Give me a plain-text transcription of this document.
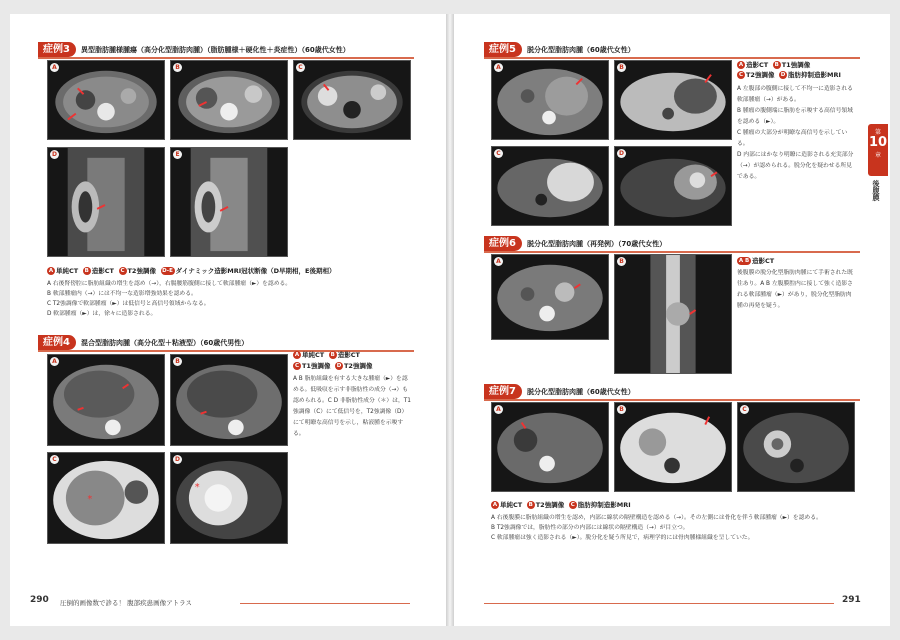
症例3	異型脂肪腫様腫瘍（高分化型脂肪肉腫）（脂肪腫様＋硬化性＋炎症性）（60歳代女性）
A	B	C
D	E
A 単純CT B 造影CT C T2強調像 D-E ダイナミック造影MRI冠状断像（D早期相，E後期相）

A 右後腎傍腔に脂肪組織の増生を認め（→），右腸腰筋腹側に接して軟部腫瘤（►）を認める。

B 軟部腫瘤内（→）には不均一な造影増強効果を認める。

C T2強調像で軟部腫瘤（►）は低信号と高信号領域からなる。

D 軟部腫瘤（►）は，徐々に造影される。

症例4	混合型脂肪肉腫（高分化型＋粘液型）（60歳代男性）
A	B
C
*
D
*
A 単純CT B 造影CT
C T1強調像 D T2強調像
A B 脂肪組織を有する大きな腫瘤（►）を認める。低吸収を示す非脂肪性の成分（→）も認められる。C D 非脂肪性成分（＊）は，T1強調像（C）にて低信号を，T2強調像（D）にて明瞭な高信号を示し，粘液腫を示唆する。
290 圧倒的画像数で診る！ 腹部疾患画像アトラス
症例5	脱分化型脂肪肉腫（60歳代女性）
A	B
C	D
A 造影CT B T1強調像
C T2強調像 D 脂肪抑制造影MRI

A 左腹部の腹側に接して不均一に造影される軟部腫瘤（→）がある。

B 腫瘤の腹側端に脂肪を示唆する高信号領域を認める（►）。

C 腫瘤の大部分が明瞭な高信号を示している。

D 内部にはかなり明瞭に造影される充実部分（→）が認められる。脱分化を疑わせる所見である。

第
10
章
後腹膜
症例6	脱分化型脂肪肉腫（再発例）（70歳代女性）
A	B	A B 造影CT
後腹膜の脱分化型脂肪肉腫にて手術された既往あり。A B 左腹膜腔内に接して強く造影される軟部腫瘤（►）があり，脱分化型脂肪肉腫の再発を疑う。
症例7	脱分化型脂肪肉腫（60歳代女性）
A	B	C
A 単純CT B T2強調像 C 脂肪抑制造影MRI

A 右後腹膜に脂肪組織の増生を認め，内部に線状の隔壁構造を認める（→）。その左側には骨化を伴う軟部腫瘤（►）を認める。

B T2強調像では，脂肪性の部分の内部には線状の隔壁構造（→）が目立つ。

C 軟部腫瘤は強く造影される（►）。脱分化を疑う所見で，病理学的には骨肉腫様組織を呈していた。

291
